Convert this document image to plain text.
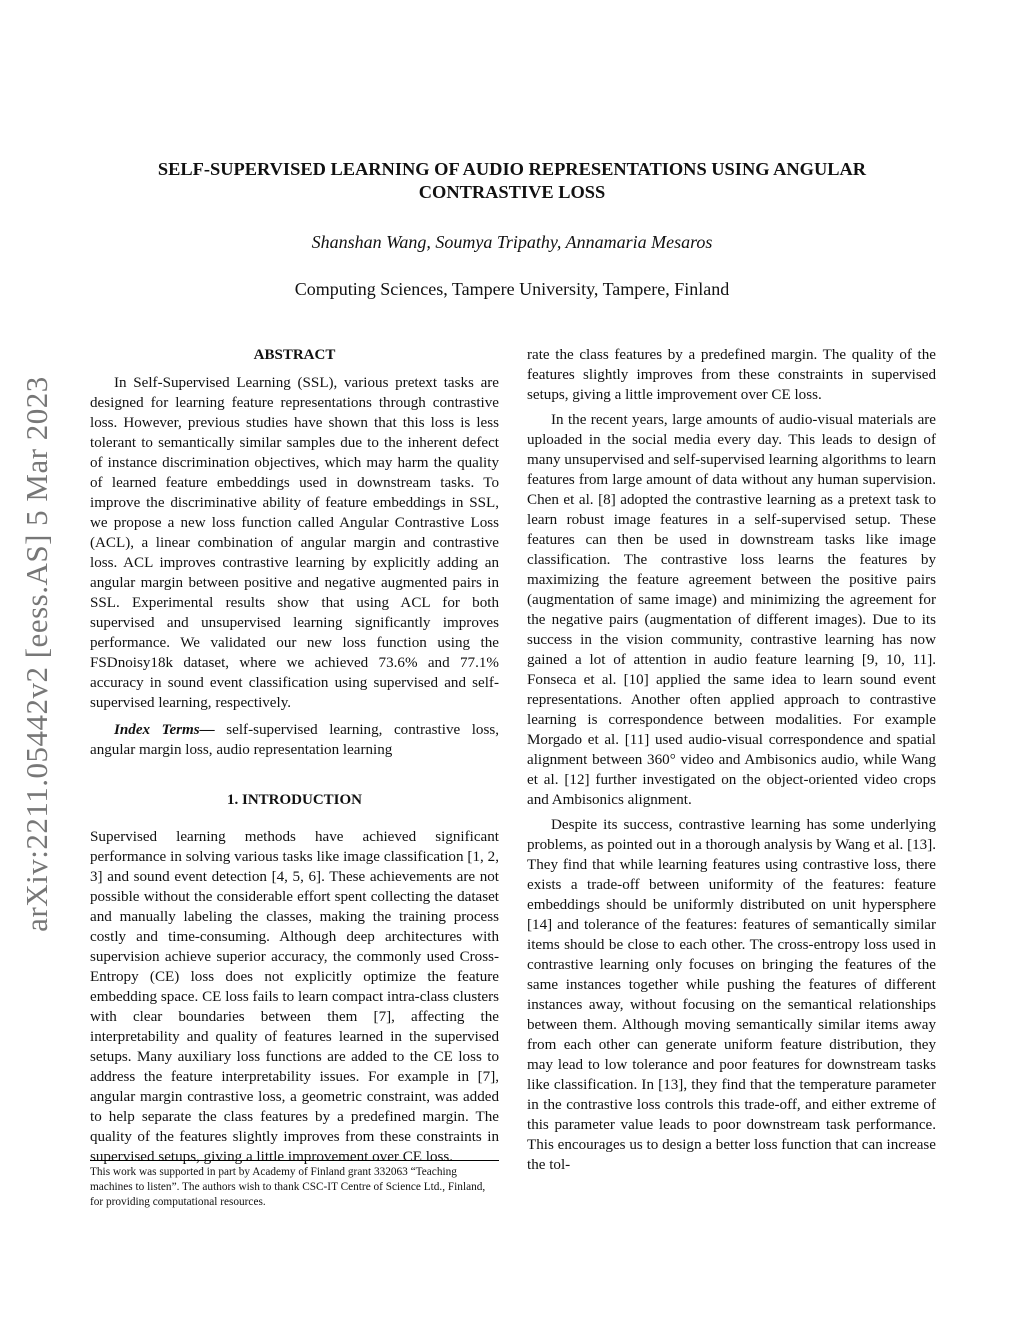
arXiv:2211.05442v2 [eess.AS] 5 Mar 2023
SELF-SUPERVISED LEARNING OF AUDIO REPRESENTATIONS USING ANGULAR
CONTRASTIVE LOSS
Shanshan Wang, Soumya Tripathy, Annamaria Mesaros
Computing Sciences, Tampere University, Tampere, Finland

ABSTRACT

In Self-Supervised Learning (SSL), various pretext tasks are designed for learning feature representations through contrastive loss. However, previous studies have shown that this loss is less tolerant to semantically similar samples due to the inherent defect of instance discrimination objectives, which may harm the quality of learned feature embeddings used in downstream tasks. To improve the discriminative ability of feature embeddings in SSL, we propose a new loss function called Angular Contrastive Loss (ACL), a linear combination of angular margin and contrastive loss. ACL improves contrastive learning by explicitly adding an angular margin between positive and negative augmented pairs in SSL. Experimental results show that using ACL for both supervised and unsupervised learning significantly improves performance. We validated our new loss function using the FSDnoisy18k dataset, where we achieved 73.6% and 77.1% accuracy in sound event classification using supervised and self-supervised learning, respectively.

Index Terms— self-supervised learning, contrastive loss, angular margin loss, audio representation learning

1. INTRODUCTION

Supervised learning methods have achieved significant performance in solving various tasks like image classification [1, 2, 3] and sound event detection [4, 5, 6]. These achievements are not possible without the considerable effort spent collecting the dataset and manually labeling the classes, making the training process costly and time-consuming. Although deep architectures with supervision achieve superior accuracy, the commonly used Cross-Entropy (CE) loss does not explicitly optimize the feature embedding space. CE loss fails to learn compact intra-class clusters with clear boundaries between them [7], affecting the interpretability and quality of features learned in the supervised setups. Many auxiliary loss functions are added to the CE loss to address the feature interpretability issues. For example in [7], angular margin contrastive loss, a geometric constraint, was added to help separate the class features by a predefined margin. The quality of the features slightly improves from these constraints in supervised setups, giving a little improvement over CE loss.

This work was supported in part by Academy of Finland grant 332063 “Teaching machines to listen”. The authors wish to thank CSC-IT Centre of Science Ltd., Finland, for providing computational resources.

rate the class features by a predefined margin. The quality of the features slightly improves from these constraints in supervised setups, giving a little improvement over CE loss.

In the recent years, large amounts of audio-visual materials are uploaded in the social media every day. This leads to design of many unsupervised and self-supervised learning algorithms to learn features from large amount of data without any human supervision. Chen et al. [8] adopted the contrastive learning as a pretext task to learn robust image features in a self-supervised setup. These features can then be used in downstream tasks like image classification. The contrastive loss learns the features by maximizing the feature agreement between the positive pairs (augmentation of same image) and minimizing the agreement for the negative pairs (augmentation of different images). Due to its success in the vision community, contrastive learning has now gained a lot of attention in audio feature learning [9, 10, 11]. Fonseca et al. [10] applied the same idea to learn sound event representations. Another often applied approach to contrastive learning is correspondence between modalities. For example Morgado et al. [11] used audio-visual correspondence and spatial alignment between 360° video and Ambisonics audio, while Wang et al. [12] further investigated on the object-oriented video crops and Ambisonics alignment.

Despite its success, contrastive learning has some underlying problems, as pointed out in a thorough analysis by Wang et al. [13]. They find that while learning features using contrastive loss, there exists a trade-off between uniformity of the features: feature embeddings should be uniformly distributed on unit hypersphere [14] and tolerance of the features: features of semantically similar items should be close to each other. The cross-entropy loss used in contrastive learning only focuses on bringing the features of the same instances together while pushing the features of different instances away, without focusing on the semantical relationships between them. Although moving semantically similar items away from each other can generate uniform feature distribution, they may lead to low tolerance and poor features for downstream tasks like classification. In [13], they find that the temperature parameter in the contrastive loss controls this trade-off, and either extreme of this parameter value leads to poor downstream task performance. This encourages us to design a better loss function that can increase the tol-
